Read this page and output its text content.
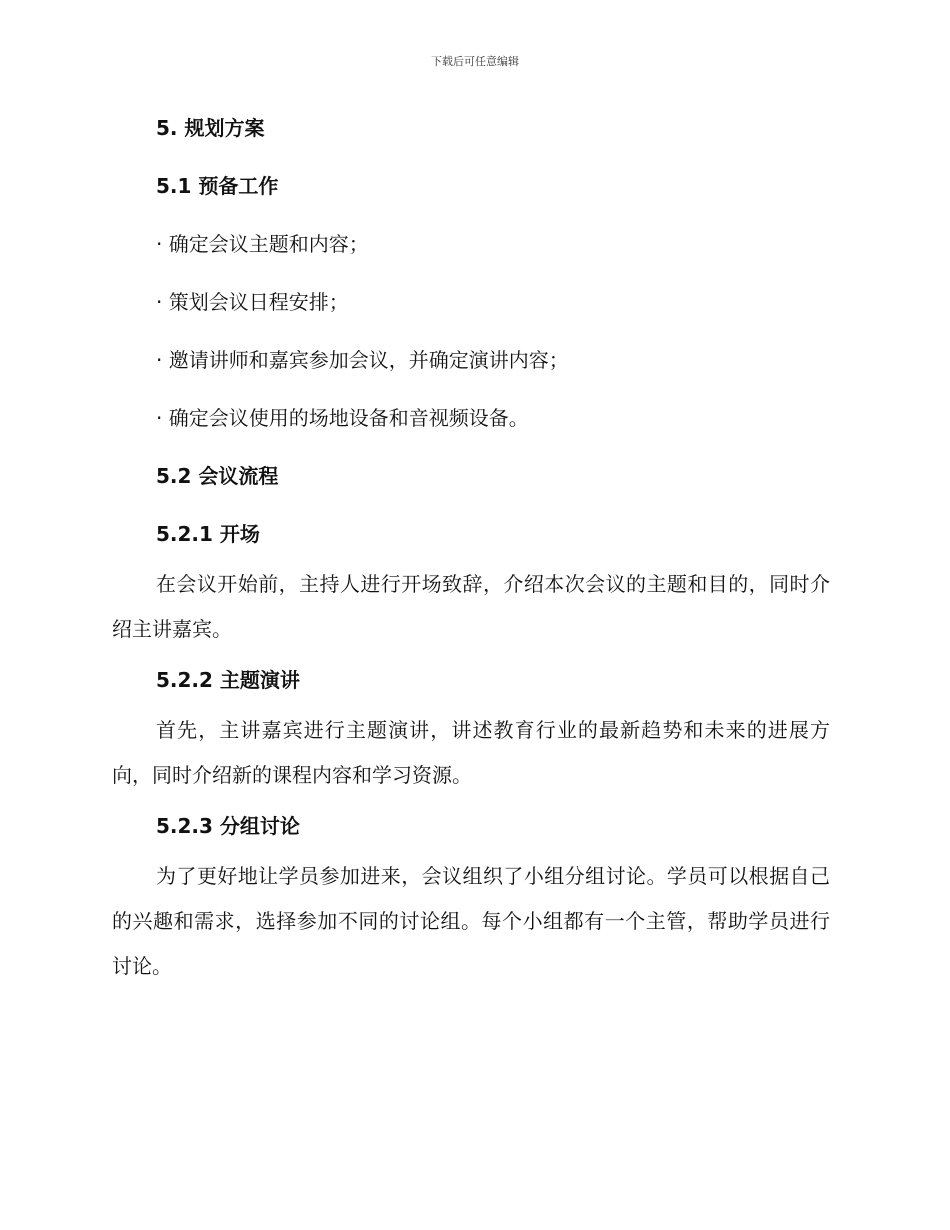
下载后可任意编辑
5. 规划方案
5.1 预备工作
· 确定会议主题和内容；
· 策划会议日程安排；
· 邀请讲师和嘉宾参加会议，并确定演讲内容；
· 确定会议使用的场地设备和音视频设备。
5.2 会议流程
5.2.1 开场

在会议开始前，主持人进行开场致辞，介绍本次会议的主题和目的，同时介绍主讲嘉宾。

5.2.2 主题演讲

首先，主讲嘉宾进行主题演讲，讲述教育行业的最新趋势和未来的进展方向，同时介绍新的课程内容和学习资源。

5.2.3 分组讨论

为了更好地让学员参加进来，会议组织了小组分组讨论。学员可以根据自己的兴趣和需求，选择参加不同的讨论组。每个小组都有一个主管，帮助学员进行讨论。
